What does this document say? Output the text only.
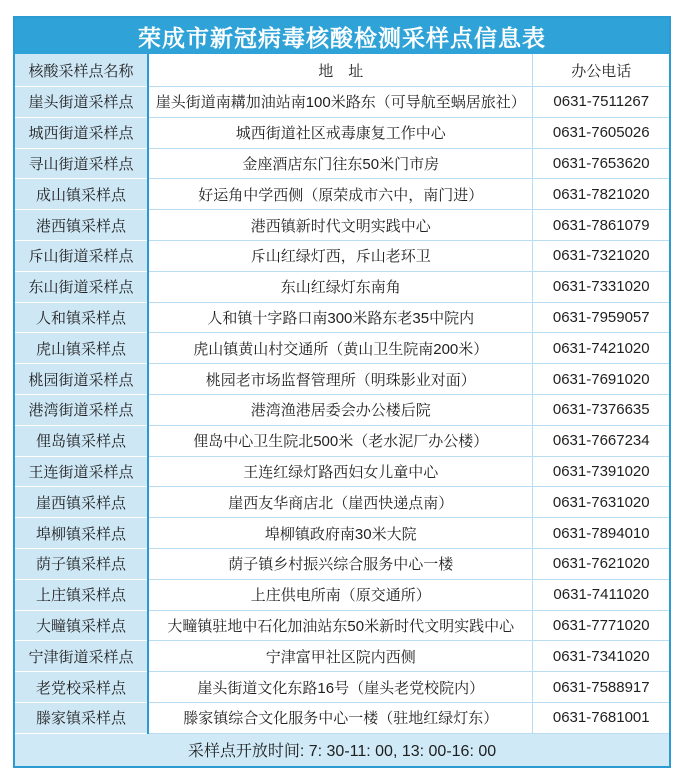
荣成市新冠病毒核酸检测采样点信息表		
核酸采样点名称	地　址	办公电话
崖头街道采样点	崖头街道南耩加油站南100米路东（可导航至蜗居旅社）	0631-7511267
城西街道采样点	城西街道社区戒毒康复工作中心	0631-7605026
寻山街道采样点	金座酒店东门往东50米门市房	0631-7653620
成山镇采样点	好运角中学西侧（原荣成市六中，南门进）	0631-7821020
港西镇采样点	港西镇新时代文明实践中心	0631-7861079
斥山街道采样点	斥山红绿灯西，斥山老环卫	0631-7321020
东山街道采样点	东山红绿灯东南角	0631-7331020
人和镇采样点	人和镇十字路口南300米路东老35中院内	0631-7959057
虎山镇采样点	虎山镇黄山村交通所（黄山卫生院南200米）	0631-7421020
桃园街道采样点	桃园老市场监督管理所（明珠影业对面）	0631-7691020
港湾街道采样点	港湾渔港居委会办公楼后院	0631-7376635
俚岛镇采样点	俚岛中心卫生院北500米（老水泥厂办公楼）	0631-7667234
王连街道采样点	王连红绿灯路西妇女儿童中心	0631-7391020
崖西镇采样点	崖西友华商店北（崖西快递点南）	0631-7631020
埠柳镇采样点	埠柳镇政府南30米大院	0631-7894010
荫子镇采样点	荫子镇乡村振兴综合服务中心一楼	0631-7621020
上庄镇采样点	上庄供电所南（原交通所）	0631-7411020
大疃镇采样点	大疃镇驻地中石化加油站东50米新时代文明实践中心	0631-7771020
宁津街道采样点	宁津富甲社区院内西侧	0631-7341020
老党校采样点	崖头街道文化东路16号（崖头老党校院内）	0631-7588917
滕家镇采样点	滕家镇综合文化服务中心一楼（驻地红绿灯东）	0631-7681001
采样点开放时间: 7: 30-11: 00, 13: 00-16: 00		
